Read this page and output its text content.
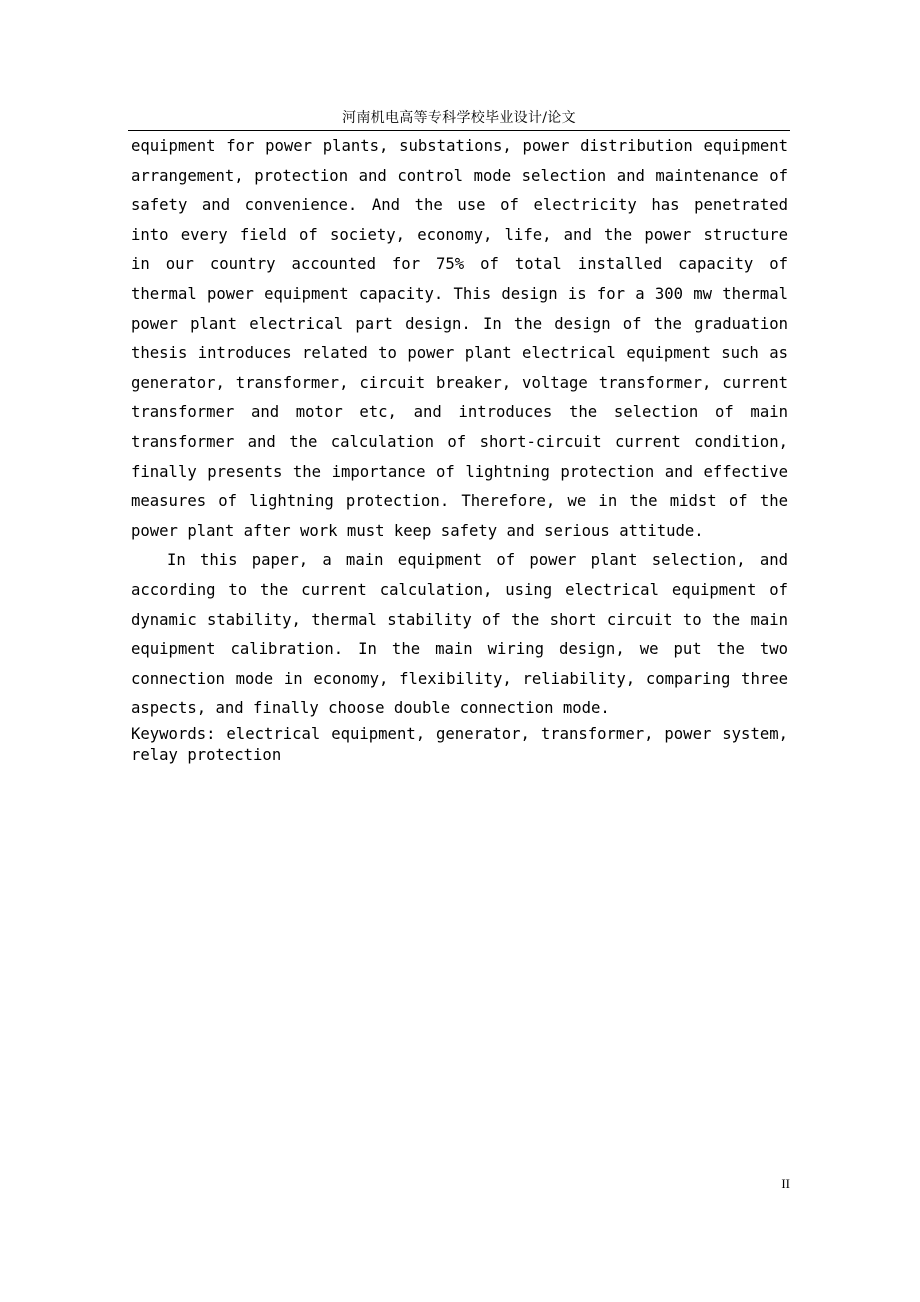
河南机电高等专科学校毕业设计/论文

equipment for power plants, substations, power distribution equipment arrangement, protection and control mode selection and maintenance of safety and convenience. And the use of electricity has penetrated into every field of society, economy, life, and the power structure in our country accounted for 75% of total installed capacity of thermal power equipment capacity. This design is for a 300 mw thermal power plant electrical part design. In the design of the graduation thesis introduces related to power plant electrical equipment such as generator, transformer, circuit breaker, voltage transformer, current transformer and motor etc, and introduces the selection of main transformer and the calculation of short-circuit current condition, finally presents the importance of lightning protection and effective measures of lightning protection. Therefore, we in the midst of the power plant after work must keep safety and serious attitude.

In this paper, a main equipment of power plant selection, and according to the current calculation, using electrical equipment of dynamic stability, thermal stability of the short circuit to the main equipment calibration. In the main wiring design, we put the two connection mode in economy, flexibility, reliability, comparing three aspects, and finally choose double connection mode.

Keywords: electrical equipment, generator, transformer, power system, relay protection
II
